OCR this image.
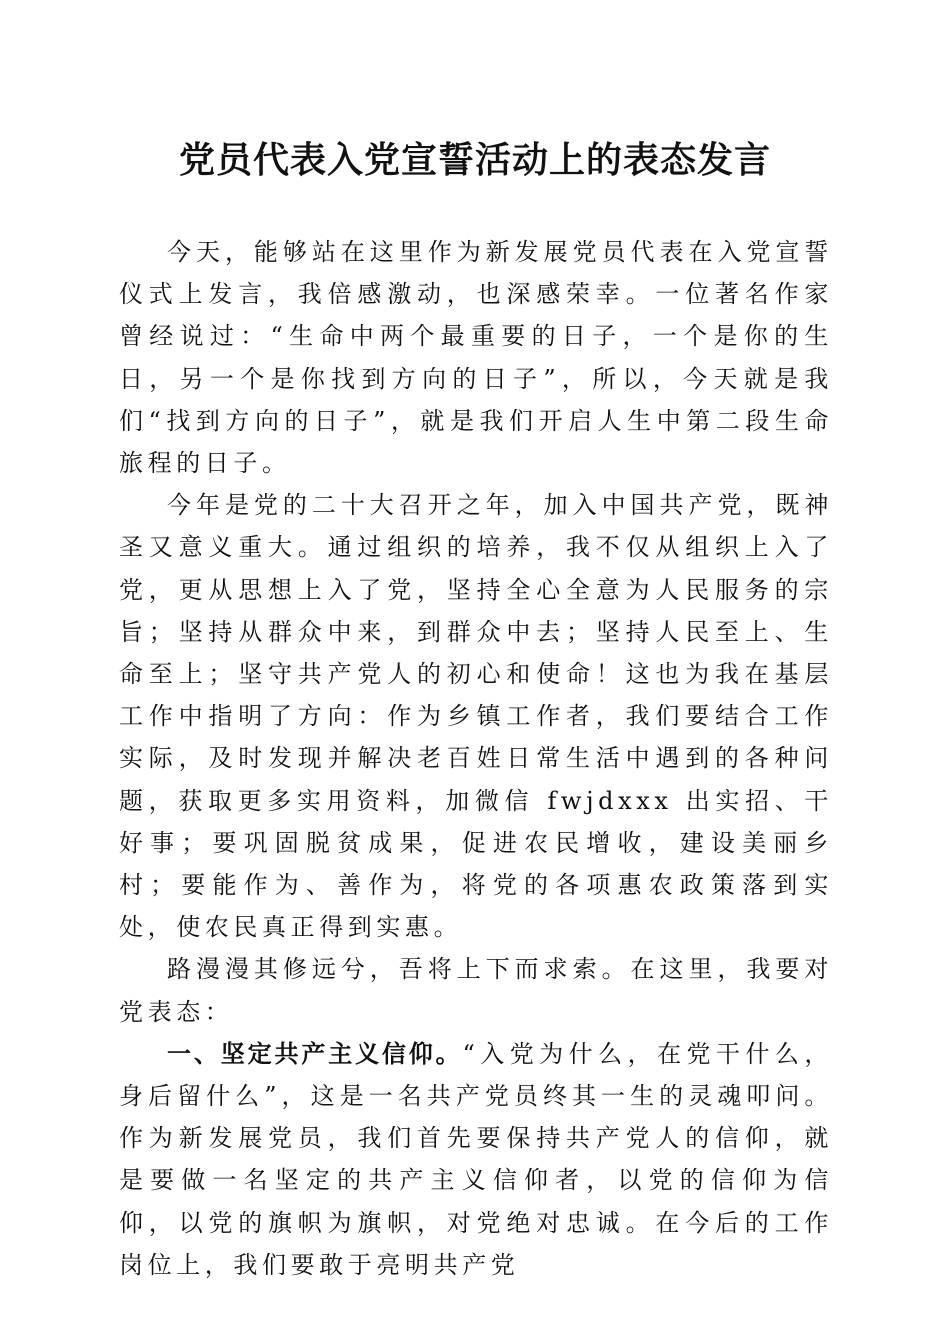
党员代表入党宣誓活动上的表态发言

今天，能够站在这里作为新发展党员代表在入党宣誓仪式上发言，我倍感激动，也深感荣幸。一位著名作家曾经说过：“生命中两个最重要的日子，一个是你的生日，另一个是你找到方向的日子”，所以，今天就是我们“找到方向的日子”，就是我们开启人生中第二段生命旅程的日子。

今年是党的二十大召开之年，加入中国共产党，既神圣又意义重大。通过组织的培养，我不仅从组织上入了党，更从思想上入了党，坚持全心全意为人民服务的宗旨；坚持从群众中来，到群众中去；坚持人民至上、生命至上；坚守共产党人的初心和使命！这也为我在基层工作中指明了方向：作为乡镇工作者，我们要结合工作实际，及时发现并解决老百姓日常生活中遇到的各种问题，获取更多实用资料，加微信 fwjdxxx 出实招、干好事；要巩固脱贫成果，促进农民增收，建设美丽乡村；要能作为、善作为，将党的各项惠农政策落到实处，使农民真正得到实惠。

路漫漫其修远兮，吾将上下而求索。在这里，我要对党表态：

一、坚定共产主义信仰。“入党为什么，在党干什么，身后留什么”，这是一名共产党员终其一生的灵魂叩问。作为新发展党员，我们首先要保持共产党人的信仰，就是要做一名坚定的共产主义信仰者，以党的信仰为信仰，以党的旗帜为旗帜，对党绝对忠诚。在今后的工作岗位上，我们要敢于亮明共产党
